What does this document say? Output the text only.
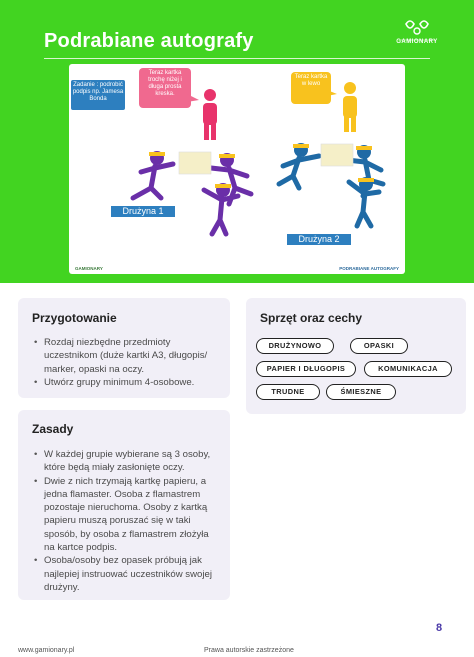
Podrabiane autografy	GAMIONARY
Zadanie : podrobić podpis np. Jamesa Bonda
Teraz kartka trochę niżej i długa prosta kreska.
Teraz kartka w lewo
Drużyna 1
Drużyna 2
GAMIONARY	PODRABIANE AUTOGRAFY
Przygotowanie
• Rozdaj niezbędne przedmioty uczestnikom (duże kartki A3, długopis/ marker, opaski na oczy.
• Utwórz grupy minimum 4-osobowe.
Sprzęt oraz cechy
DRUŻYNOWO	OPASKI
PAPIER I DŁUGOPIS	KOMUNIKACJA
TRUDNE	ŚMIESZNE
Zasady
• W każdej grupie wybierane są 3 osoby, które będą miały zasłonięte oczy.
• Dwie z nich trzymają kartkę papieru, a jedna flamaster. Osoba z flamastrem pozostaje nieruchoma. Osoby z kartką papieru muszą poruszać się w taki sposób, by osoba z flamastrem złożyła na kartce podpis.
• Osoba/osoby bez opasek próbują jak najlepiej instruować uczestników swojej drużyny.
8
www.gamionary.pl	Prawa autorskie zastrzeżone
